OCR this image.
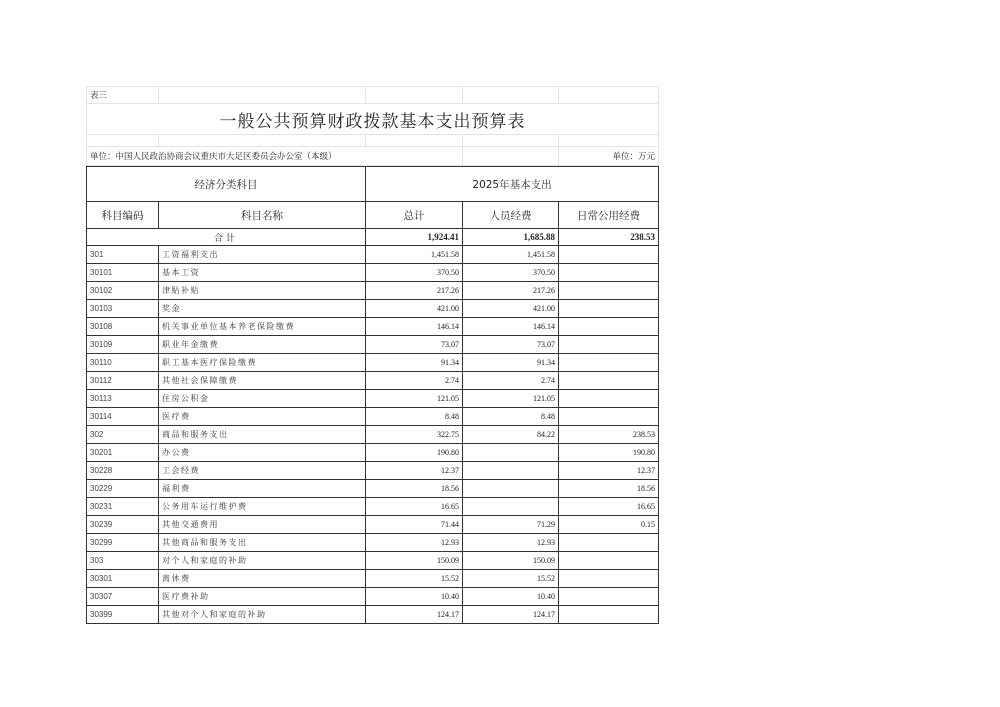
表三				
一般公共预算财政拨款基本支出预算表				

单位：中国人民政治协商会议重庆市大足区委员会办公室（本级）				单位：万元
经济分类科目		2025年基本支出		
科目编码	科目名称	总计	人员经费	日常公用经费
合计		1,924.41	1,685.88	238.53
301	工资福利支出	1,451.58	1,451.58	
30101	基本工资	370.50	370.50	
30102	津贴补贴	217.26	217.26	
30103	奖金	421.00	421.00	
30108	机关事业单位基本养老保险缴费	146.14	146.14	
30109	职业年金缴费	73.07	73.07	
30110	职工基本医疗保险缴费	91.34	91.34	
30112	其他社会保障缴费	2.74	2.74	
30113	住房公积金	121.05	121.05	
30114	医疗费	8.48	8.48	
302	商品和服务支出	322.75	84.22	238.53
30201	办公费	190.80		190.80
30228	工会经费	12.37		12.37
30229	福利费	18.56		18.56
30231	公务用车运行维护费	16.65		16.65
30239	其他交通费用	71.44	71.29	0.15
30299	其他商品和服务支出	12.93	12.93	
303	对个人和家庭的补助	150.09	150.09	
30301	离休费	15.52	15.52	
30307	医疗费补助	10.40	10.40	
30399	其他对个人和家庭的补助	124.17	124.17	
